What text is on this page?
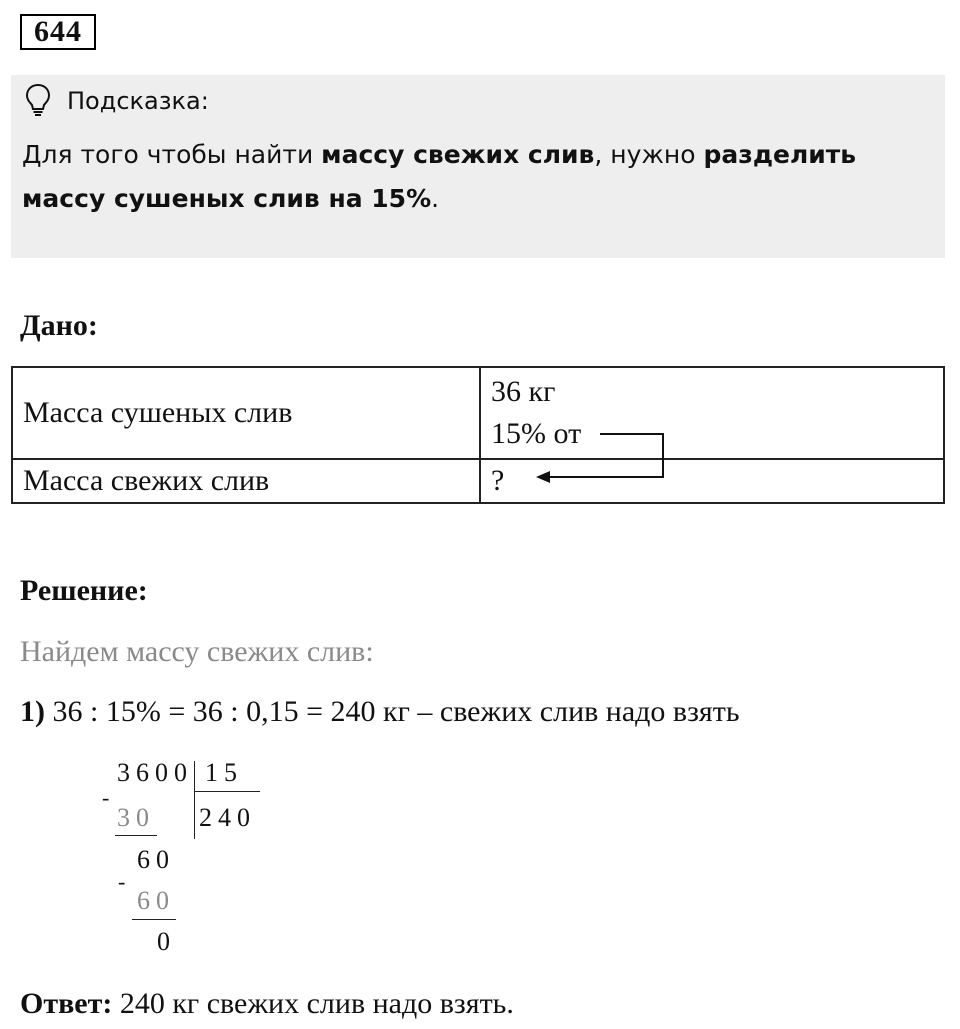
644
Подсказка:
Для того чтобы найти массу свежих слив, нужно разделить массу сушеных слив на 15%.
Дано:
Масса сушеных слив	36 кг
15% от

Масса свежих слив	?
Решение:
Найдем массу свежих слив:
1) 36 : 15% = 36 : 0,15 = 240 кг – свежих слив надо взять
3600 15
240
-
30
60
-
60
0
Ответ: 240 кг свежих слив надо взять.
